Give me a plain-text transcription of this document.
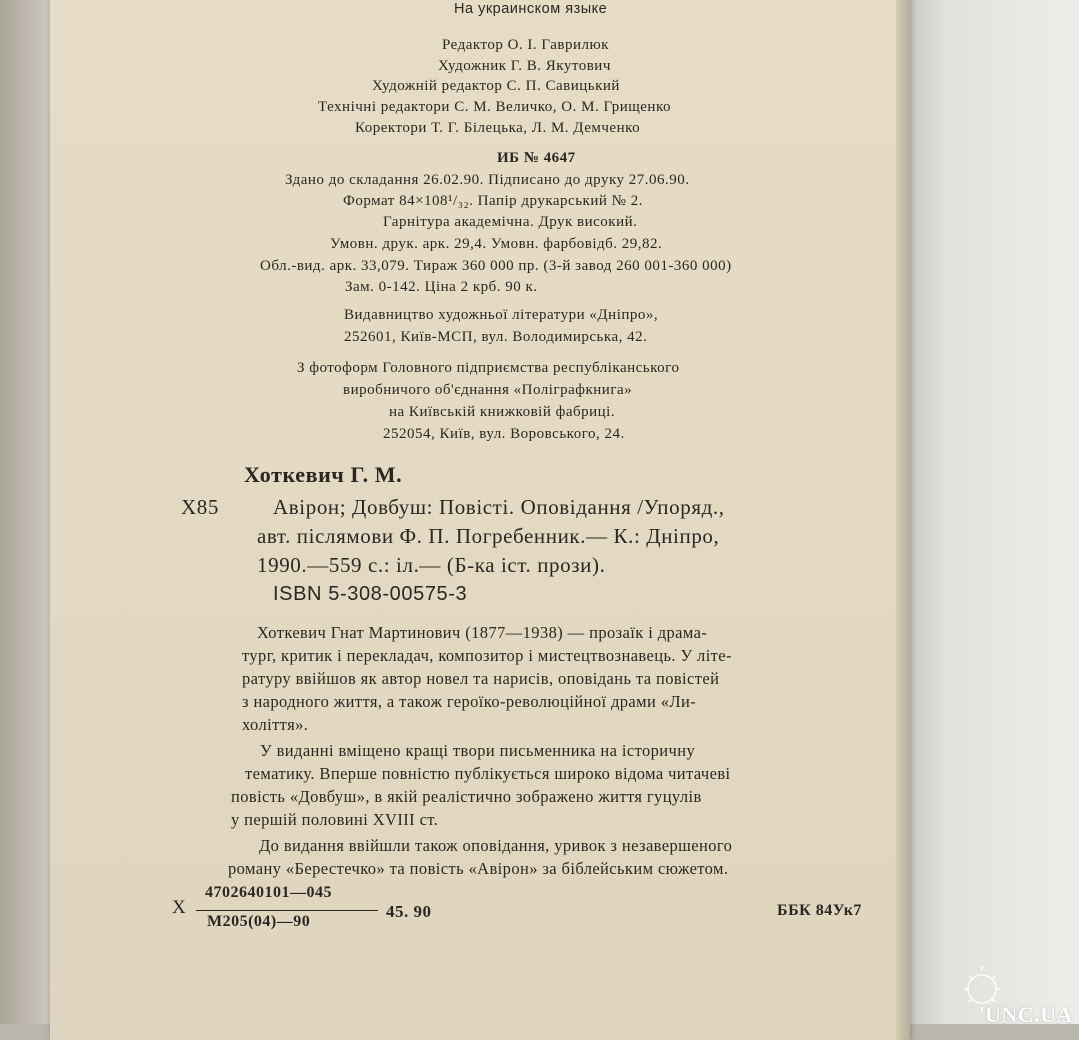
На украинском языке

Редактор О. І. Гаврилюк

Художник Г. В. Якутович

Художній редактор С. П. Савицький

Технічні редактори С. М. Величко, О. М. Грищенко

Коректори Т. Г. Білецька, Л. М. Демченко

ИБ № 4647

Здано до складання 26.02.90. Підписано до друку 27.06.90.

Формат 84×108¹/₃₂. Папір друкарський № 2.

Гарнітура академічна. Друк високий.

Умовн. друк. арк. 29,4. Умовн. фарбовідб. 29,82.

Обл.-вид. арк. 33,079. Тираж 360 000 пр. (3-й завод 260 001-360 000)

Зам. 0-142. Ціна 2 крб. 90 к.

Видавництво художньої літератури «Дніпро»,

252601, Київ-МСП, вул. Володимирська, 42.

З фотоформ Головного підприємства республіканського

виробничого об'єднання «Поліграфкнига»

на Київській книжковій фабриці.

252054, Київ, вул. Воровського, 24.

Хоткевич Г. М.

Х85	Авірон; Довбуш: Повісті. Оповідання /Упоряд.,

авт. післямови Ф. П. Погребенник.— К.: Дніпро,

1990.—559 с.: іл.— (Б-ка іст. прози).

ISBN 5-308-00575-3

Хоткевич Гнат Мартинович (1877—1938) — прозаїк і драма-

тург, критик і перекладач, композитор і мистецтвознавець. У літе-

ратуру ввійшов як автор новел та нарисів, оповідань та повістей

з народного життя, а також героїко-революційної драми «Ли-

холіття».

У виданні вміщено кращі твори письменника на історичну

тематику. Вперше повністю публікується широко відома читачеві

повість «Довбуш», в якій реалістично зображено життя гуцулів

у першій половині XVIII ст.

До видання ввійшли також оповідання, уривок з незавершеного

роману «Берестечко» та повість «Авірон» за біблейським сюжетом.

Х

4702640101—045

М205(04)—90

45. 90	ББК 84Ук7

UNC.UA
